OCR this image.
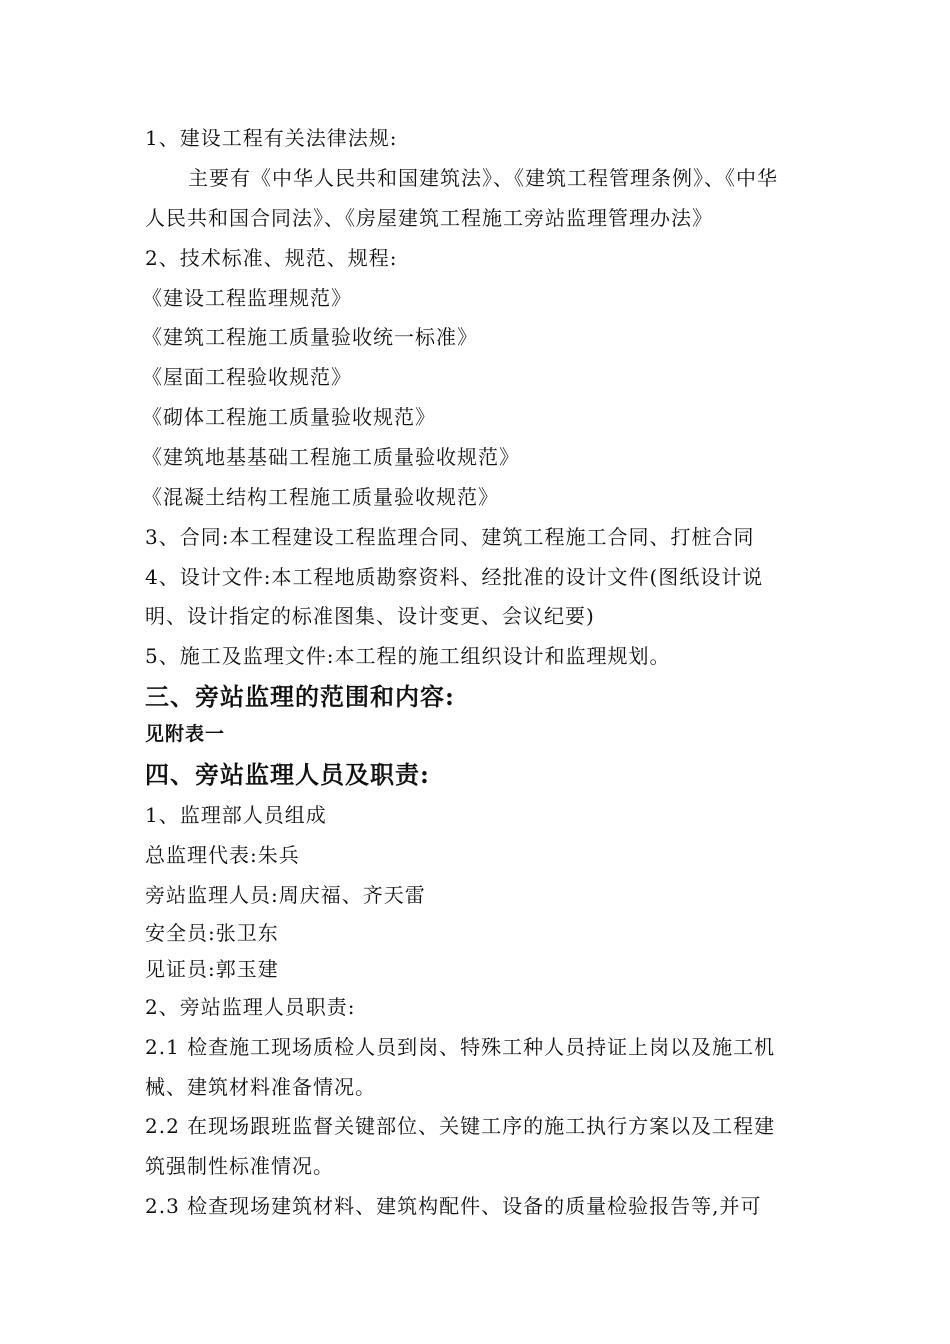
1、建设工程有关法律法规:
主要有《中华人民共和国建筑法》、《建筑工程管理条例》、《中华
人民共和国合同法》、《房屋建筑工程施工旁站监理管理办法》
2、技术标准、规范、规程:
《建设工程监理规范》
《建筑工程施工质量验收统一标准》
《屋面工程验收规范》
《砌体工程施工质量验收规范》
《建筑地基基础工程施工质量验收规范》
《混凝土结构工程施工质量验收规范》
3、合同:本工程建设工程监理合同、建筑工程施工合同、打桩合同
4、设计文件:本工程地质勘察资料、经批准的设计文件(图纸设计说
明、设计指定的标准图集、设计变更、会议纪要)
5、施工及监理文件:本工程的施工组织设计和监理规划。
三、旁站监理的范围和内容:
见附表一
四、旁站监理人员及职责:
1、监理部人员组成
总监理代表:朱兵
旁站监理人员:周庆福、齐天雷
安全员:张卫东
见证员:郭玉建
2、旁站监理人员职责:
2.1 检查施工现场质检人员到岗、特殊工种人员持证上岗以及施工机
械、建筑材料准备情况。
2.2 在现场跟班监督关键部位、关键工序的施工执行方案以及工程建
筑强制性标准情况。
2.3 检查现场建筑材料、建筑构配件、设备的质量检验报告等,并可
